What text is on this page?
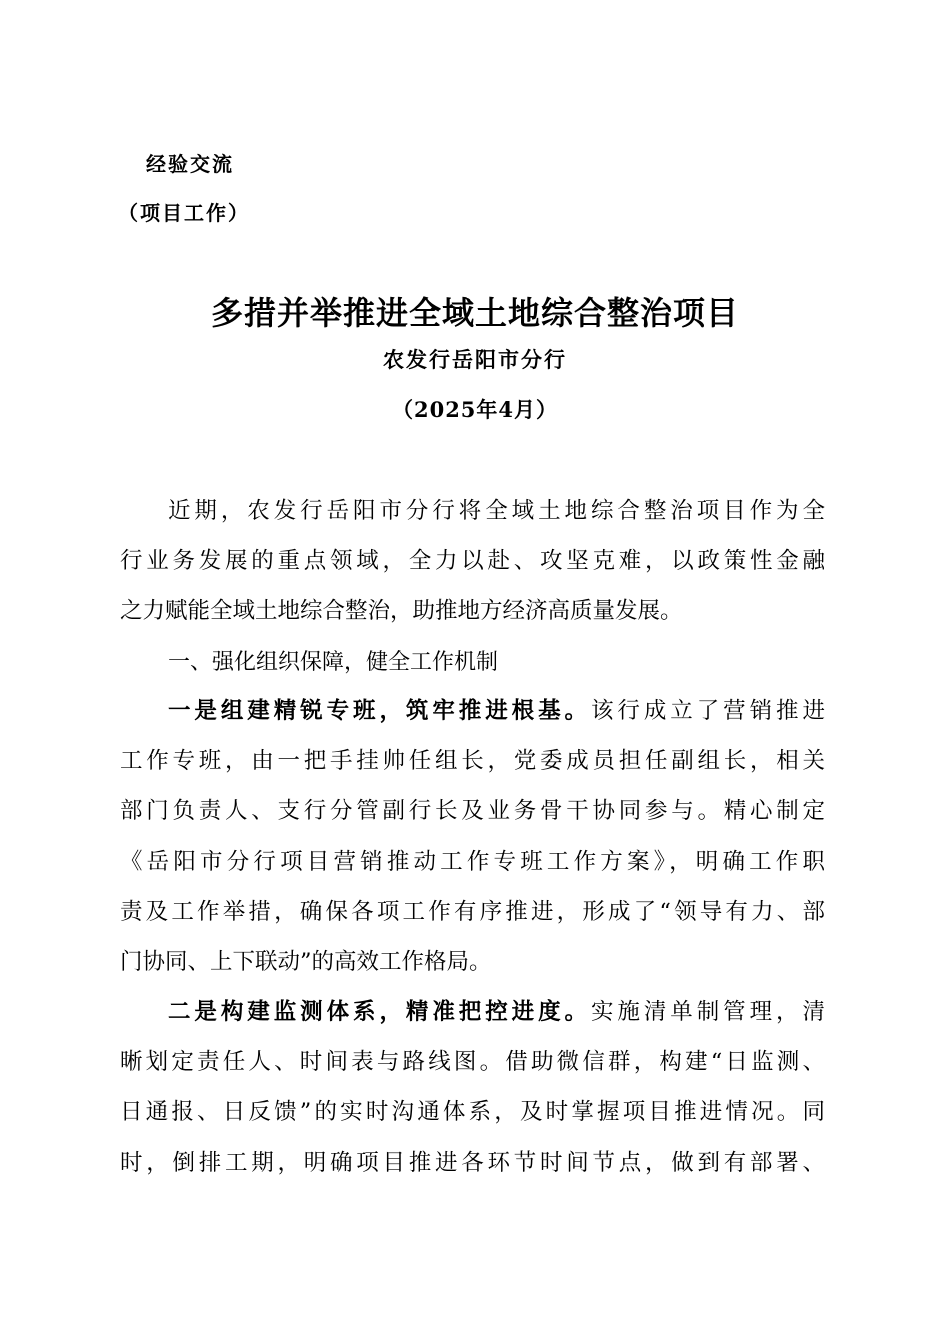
经验交流
（项目工作）
多措并举推进全域土地综合整治项目
农发行岳阳市分行
（2025年4月）
近期，农发行岳阳市分行将全域土地综合整治项目作为全
行业务发展的重点领域，全力以赴、攻坚克难，以政策性金融
之力赋能全域土地综合整治，助推地方经济高质量发展。
一、强化组织保障，健全工作机制
一是组建精锐专班，筑牢推进根基。该行成立了营销推进
工作专班，由一把手挂帅任组长，党委成员担任副组长，相关
部门负责人、支行分管副行长及业务骨干协同参与。精心制定
《岳阳市分行项目营销推动工作专班工作方案》，明确工作职
责及工作举措，确保各项工作有序推进，形成了“领导有力、部
门协同、上下联动”的高效工作格局。
二是构建监测体系，精准把控进度。实施清单制管理，清
晰划定责任人、时间表与路线图。借助微信群，构建“日监测、
日通报、日反馈”的实时沟通体系，及时掌握项目推进情况。同
时，倒排工期，明确项目推进各环节时间节点，做到有部署、
